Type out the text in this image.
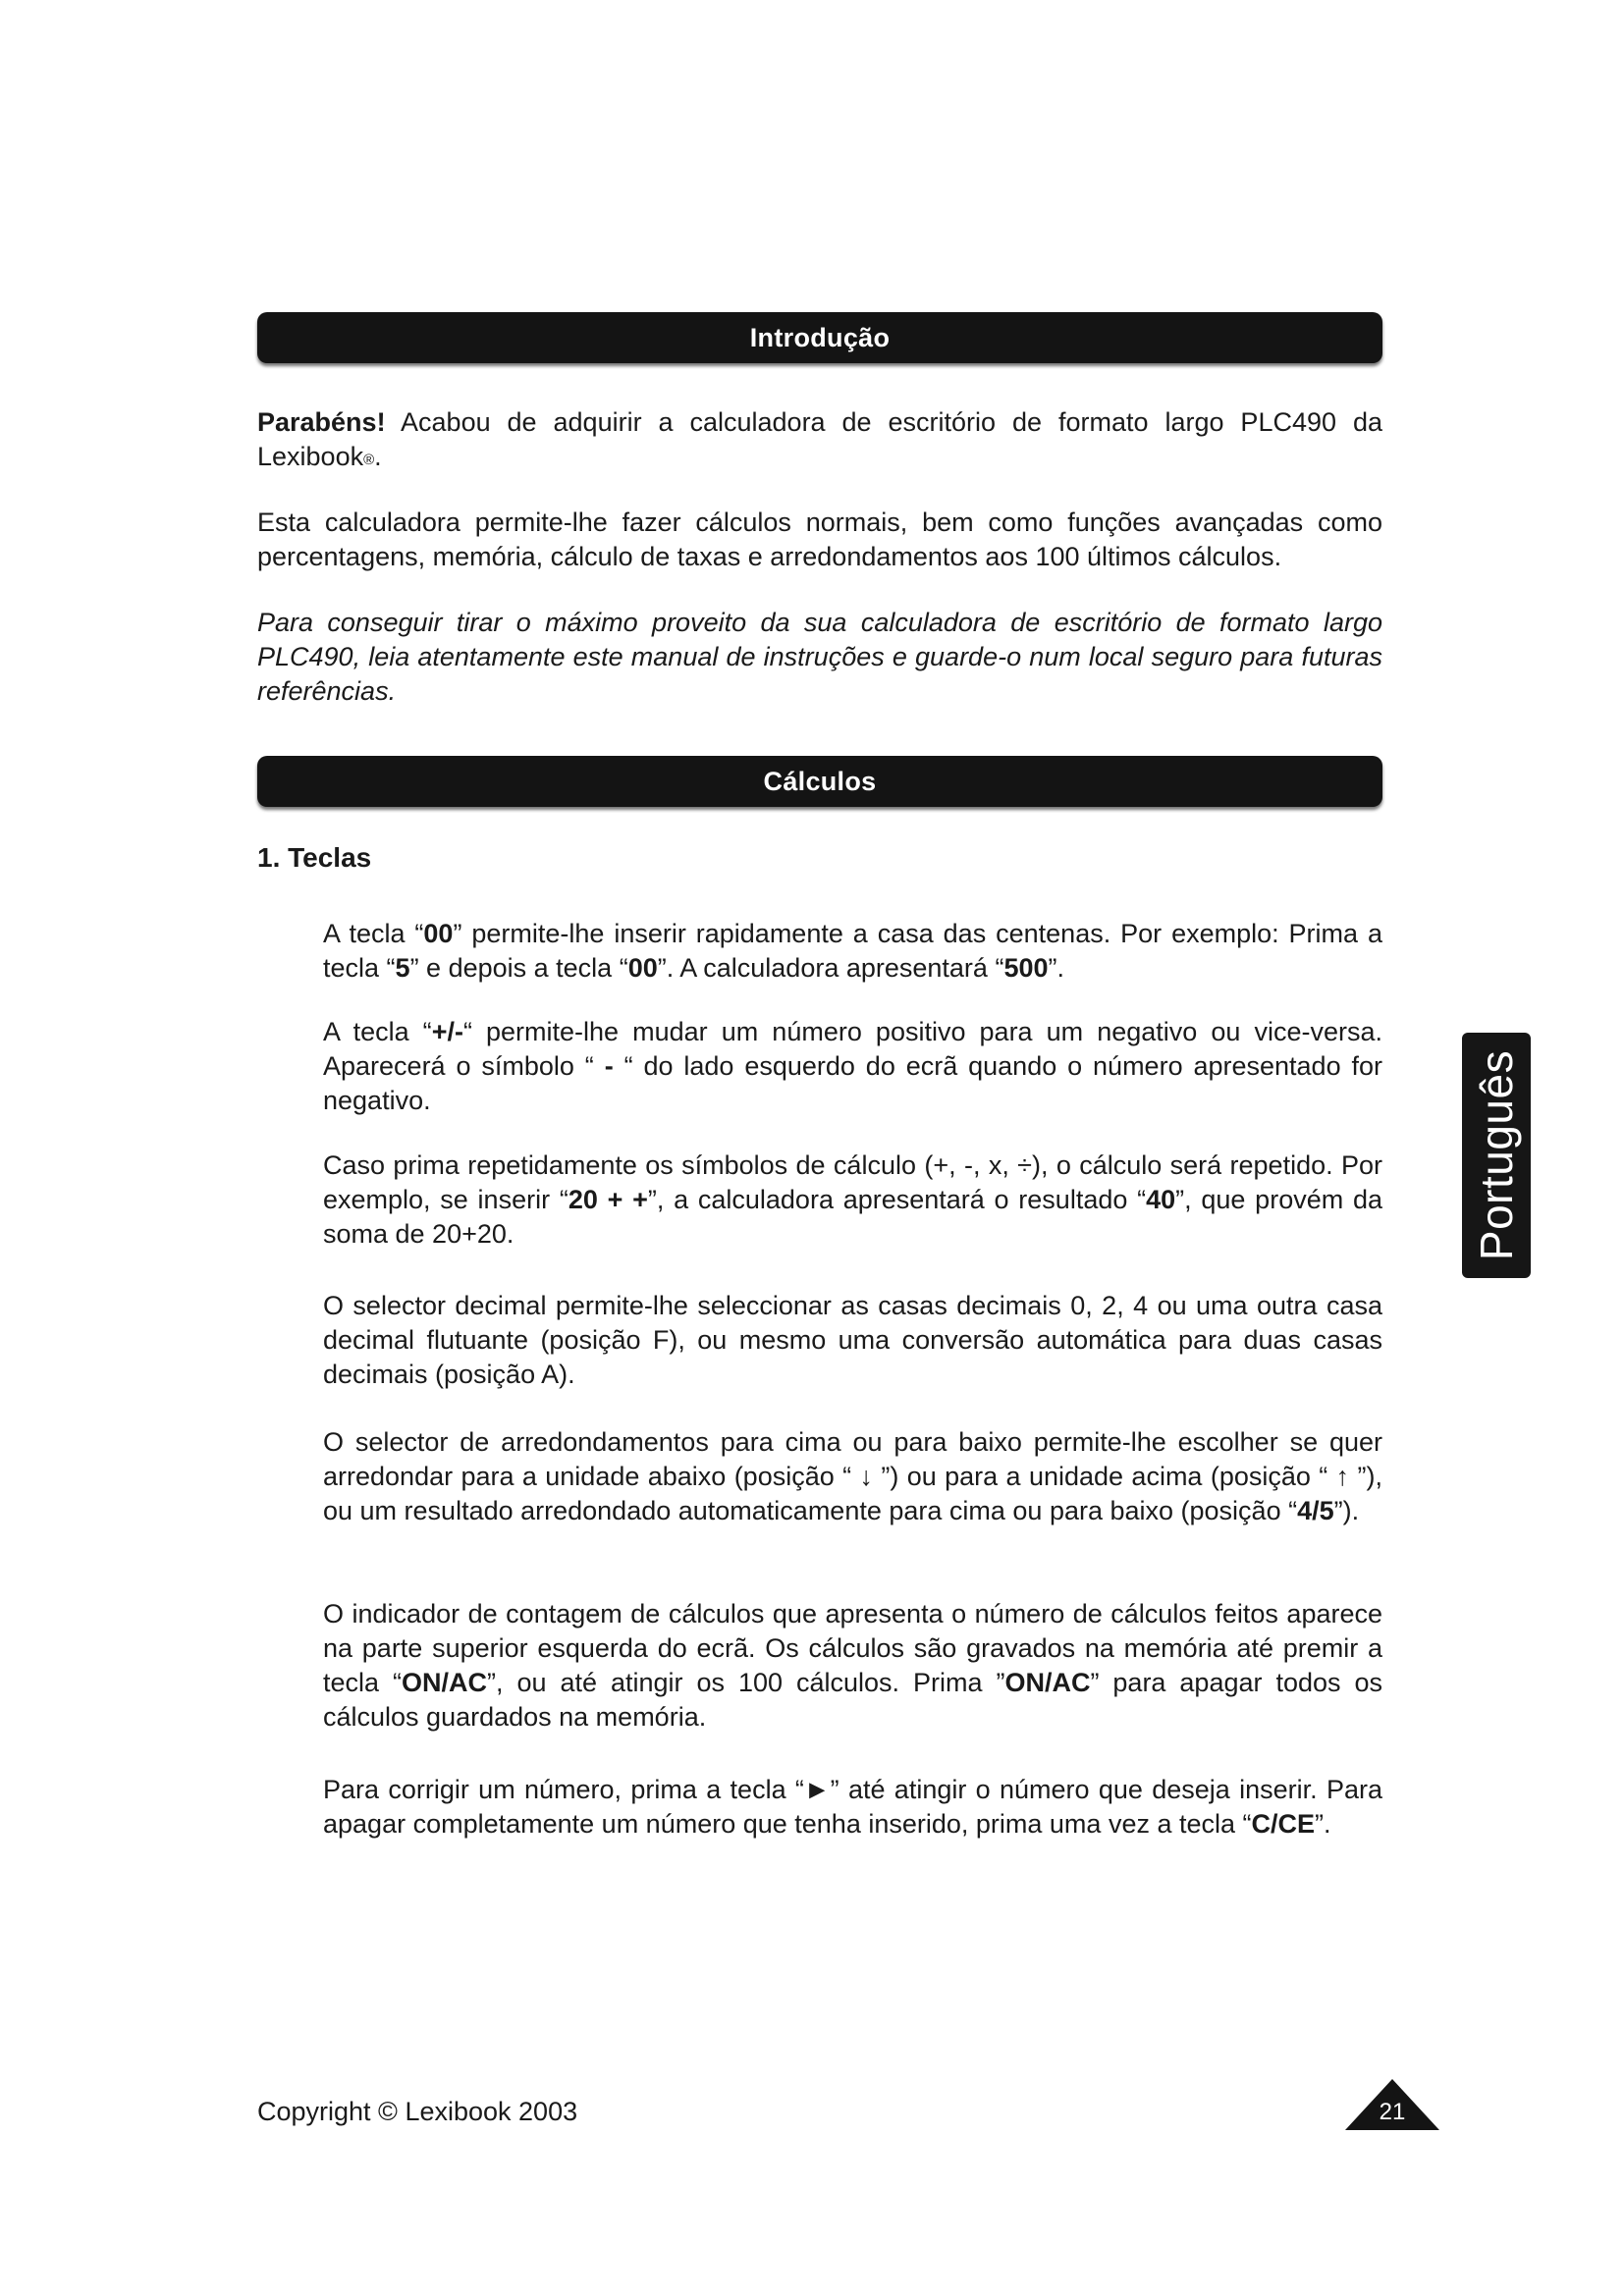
Introdução

Parabéns! Acabou de adquirir a calculadora de escritório de formato largo PLC490 da Lexibook®.

Esta calculadora permite-lhe fazer cálculos normais, bem como funções avançadas como percentagens, memória, cálculo de taxas e arredondamentos aos 100 últimos cálculos.

Para conseguir tirar o máximo proveito da sua calculadora de escritório de formato largo PLC490, leia atentamente este manual de instruções e guarde-o num local seguro para futuras referências.

Cálculos
1. Teclas

A tecla “00” permite-lhe inserir rapidamente a casa das centenas. Por exemplo: Prima a tecla “5” e depois a tecla “00”. A calculadora apresentará “500”.

A tecla “+/-“ permite-lhe mudar um número positivo para um negativo ou vice-versa. Aparecerá o símbolo “ - “ do lado esquerdo do ecrã quando o número apresentado for negativo.

Caso prima repetidamente os símbolos de cálculo (+, -, x, ÷), o cálculo será repetido. Por exemplo, se inserir “20 + +”, a calculadora apresentará o resultado “40”, que provém da soma de 20+20.

O selector decimal permite-lhe seleccionar as casas decimais 0, 2, 4 ou uma outra casa decimal flutuante (posição F), ou mesmo uma conversão automática para duas casas decimais (posição A).

O selector de arredondamentos para cima ou para baixo permite-lhe escolher se quer arredondar para a unidade abaixo (posição “ ↓ ”) ou para a unidade acima (posição “ ↑ ”), ou um resultado arredondado automaticamente para cima ou para baixo (posição “4/5”).

O indicador de contagem de cálculos que apresenta o número de cálculos feitos aparece na parte superior esquerda do ecrã. Os cálculos são gravados na memória até premir a tecla “ON/AC”, ou até atingir os 100 cálculos. Prima ”ON/AC” para apagar todos os cálculos guardados na memória.

Para corrigir um número, prima a tecla “►” até atingir o número que deseja inserir. Para apagar completamente um número que tenha inserido, prima uma vez a tecla “C/CE”.

Português

Copyright © Lexibook 2003	21
